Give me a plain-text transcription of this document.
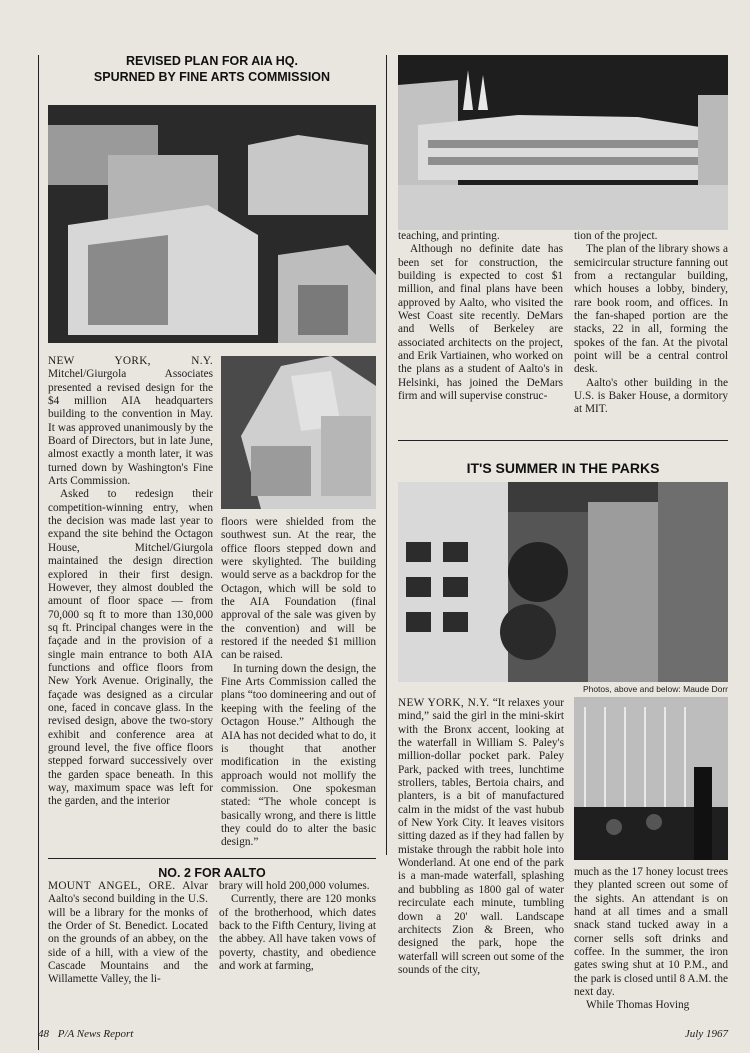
REVISED PLAN FOR AIA HQ.
SPURNED BY FINE ARTS COMMISSION

NEW YORK, N.Y. Mitchel/Giurgola Associates presented a revised design for the $4 million AIA headquarters building to the convention in May. It was approved unanimously by the Board of Directors, but in late June, almost exactly a month later, it was turned down by Washington's Fine Arts Commission.

Asked to redesign their competition-winning entry, when the decision was made last year to expand the site behind the Octagon House, Mitchel/Giurgola maintained the design direction explored in their first design. However, they almost doubled the amount of floor space — from 70,000 sq ft to more than 130,000 sq ft. Principal changes were in the façade and in the provision of a single main entrance to both AIA functions and office floors from New York Avenue. Originally, the façade was designed as a circular one, faced in concave glass. In the revised design, above the two-story exhibit and conference area at ground level, the five office floors stepped forward successively over the garden space beneath. In this way, maximum space was left for the garden, and the interior

floors were shielded from the southwest sun. At the rear, the office floors stepped down and were skylighted. The building would serve as a backdrop for the Octagon, which will be sold to the AIA Foundation (final approval of the sale was given by the convention) and will be restored if the needed $1 million can be raised.

In turning down the design, the Fine Arts Commission called the plans “too domineering and out of keeping with the feeling of the Octagon House.” Although the AIA has not decided what to do, it is thought that another modification in the existing approach would not mollify the commission. One spokesman stated: “The whole concept is basically wrong, and there is little they could do to alter the basic design.”

NO. 2 FOR AALTO

MOUNT ANGEL, ORE. Alvar Aalto's second building in the U.S. will be a library for the monks of the Order of St. Benedict. Located on the grounds of an abbey, on the side of a hill, with a view of the Cascade Mountains and the Willamette Valley, the li-

brary will hold 200,000 volumes.

Currently, there are 120 monks of the brotherhood, which dates back to the Fifth Century, living at the abbey. All have taken vows of poverty, chastity, and obedience and work at farming,

teaching, and printing.

Although no definite date has been set for construction, the building is expected to cost $1 million, and final plans have been approved by Aalto, who visited the West Coast site recently. DeMars and Wells of Berkeley are associated architects on the project, and Erik Vartiainen, who worked on the plans as a student of Aalto's in Helsinki, has joined the DeMars firm and will supervise construc-

tion of the project.

The plan of the library shows a semicircular structure fanning out from a rectangular building, which houses a lobby, bindery, rare book room, and offices. In the fan-shaped portion are the stacks, 22 in all, forming the spokes of the fan. At the pivotal point will be a central control desk.

Aalto's other building in the U.S. is Baker House, a dormitory at MIT.

IT'S SUMMER IN THE PARKS
Photos, above and below: Maude Dorr

NEW YORK, N.Y. “It relaxes your mind,” said the girl in the mini-skirt with the Bronx accent, looking at the waterfall in William S. Paley's million-dollar pocket park. Paley Park, packed with trees, lunchtime strollers, tables, Bertoia chairs, and planters, is a bit of manufactured calm in the midst of the vast hubub of New York City. It leaves visitors sitting dazed as if they had fallen by mistake through the rabbit hole into Wonderland. At one end of the park is a man-made waterfall, splashing and bubbling as 1800 gal of water recirculate each minute, tumbling down a 20' wall. Landscape architects Zion & Breen, who designed the park, hope the waterfall will screen out some of the sounds of the city,

much as the 17 honey locust trees they planted screen out some of the sights. An attendant is on hand at all times and a small snack stand tucked away in a corner sells soft drinks and coffee. In the summer, the iron gates swing shut at 10 P.M., and the park is closed until 8 A.M. the next day.

While Thomas Hoving

48 P/A News Report	July 1967
